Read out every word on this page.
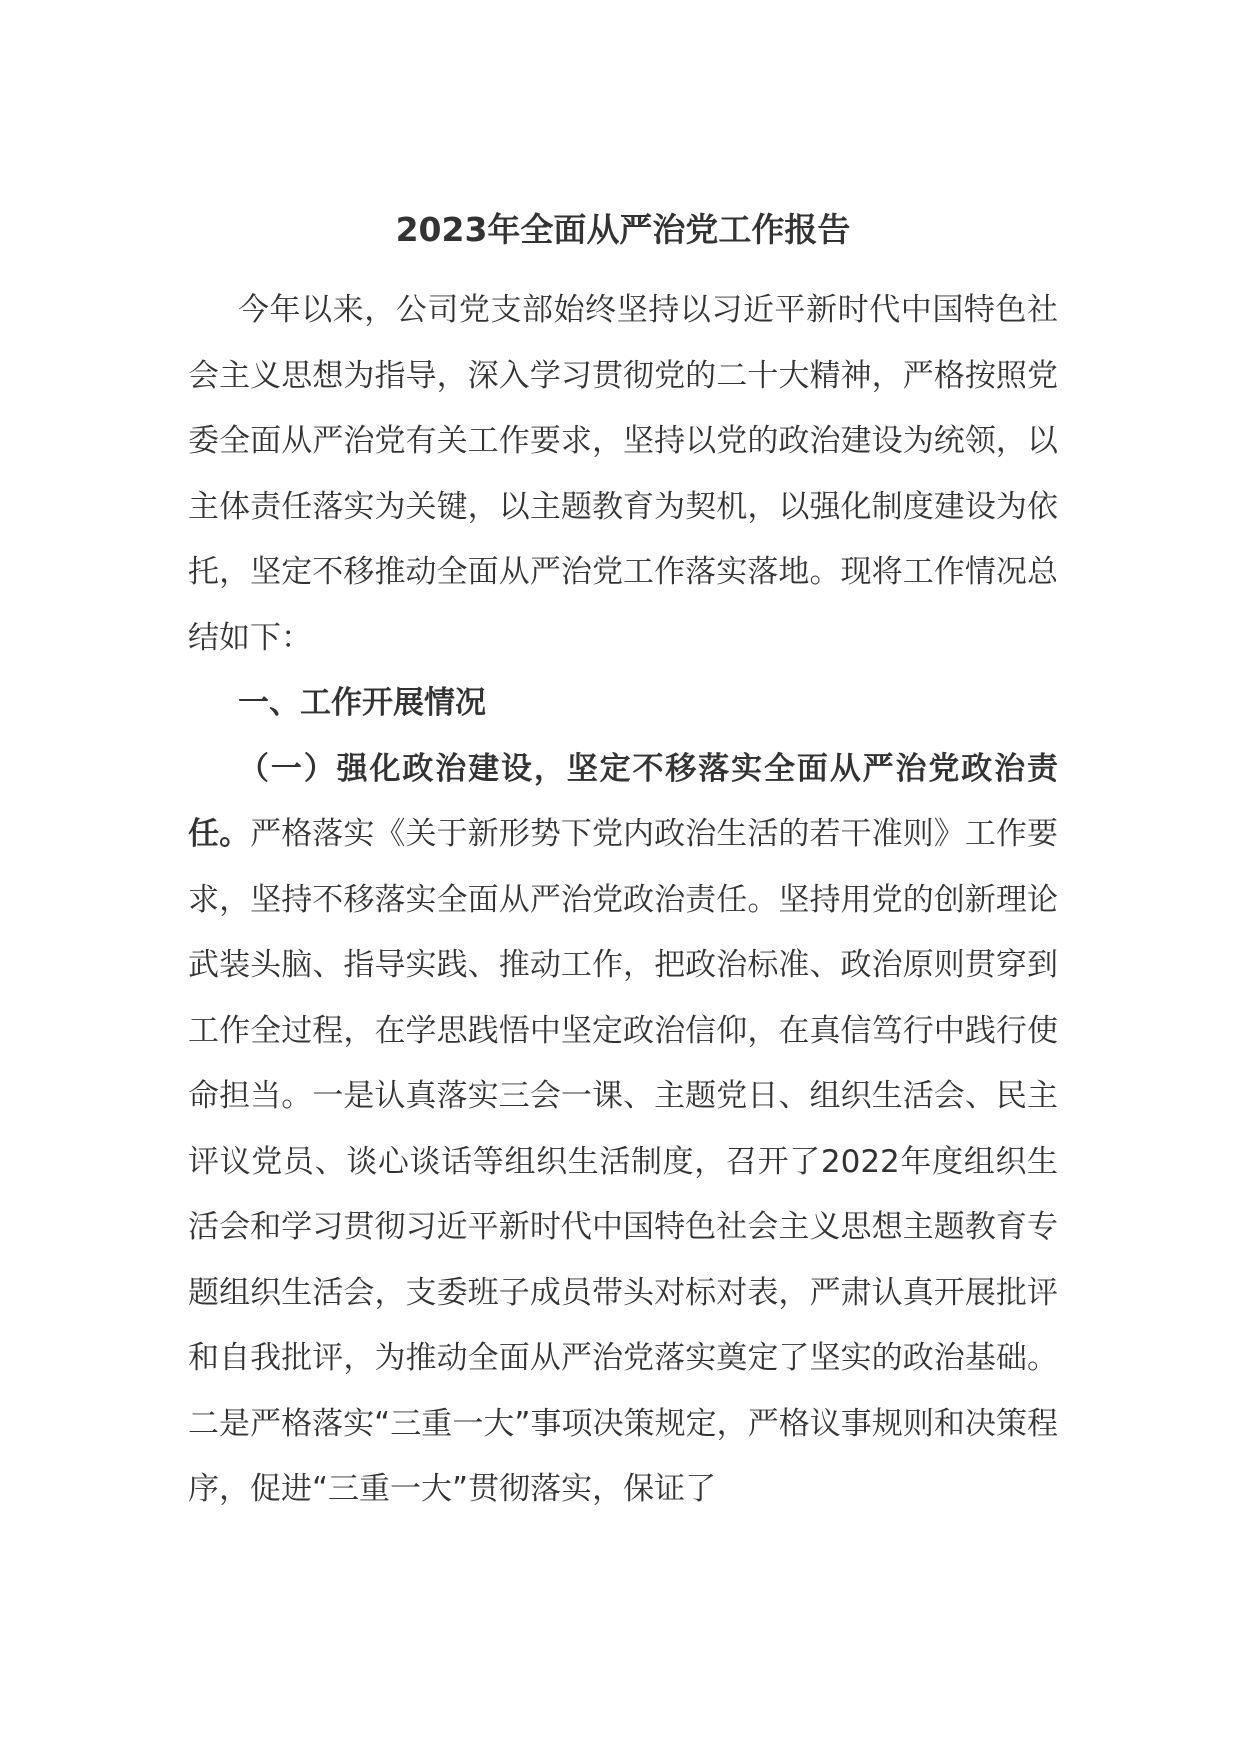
2023年全面从严治党工作报告

今年以来，公司党支部始终坚持以习近平新时代中国特色社会主义思想为指导，深入学习贯彻党的二十大精神，严格按照党委全面从严治党有关工作要求，坚持以党的政治建设为统领，以主体责任落实为关键，以主题教育为契机，以强化制度建设为依托，坚定不移推动全面从严治党工作落实落地。现将工作情况总结如下：

一、工作开展情况

（一）强化政治建设，坚定不移落实全面从严治党政治责任。严格落实《关于新形势下党内政治生活的若干准则》工作要求，坚持不移落实全面从严治党政治责任。坚持用党的创新理论武装头脑、指导实践、推动工作，把政治标准、政治原则贯穿到工作全过程，在学思践悟中坚定政治信仰，在真信笃行中践行使命担当。一是认真落实三会一课、主题党日、组织生活会、民主评议党员、谈心谈话等组织生活制度，召开了2022年度组织生活会和学习贯彻习近平新时代中国特色社会主义思想主题教育专题组织生活会，支委班子成员带头对标对表，严肃认真开展批评和自我批评，为推动全面从严治党落实奠定了坚实的政治基础。二是严格落实“三重一大”事项决策规定，严格议事规则和决策程序，促进“三重一大”贯彻落实，保证了
